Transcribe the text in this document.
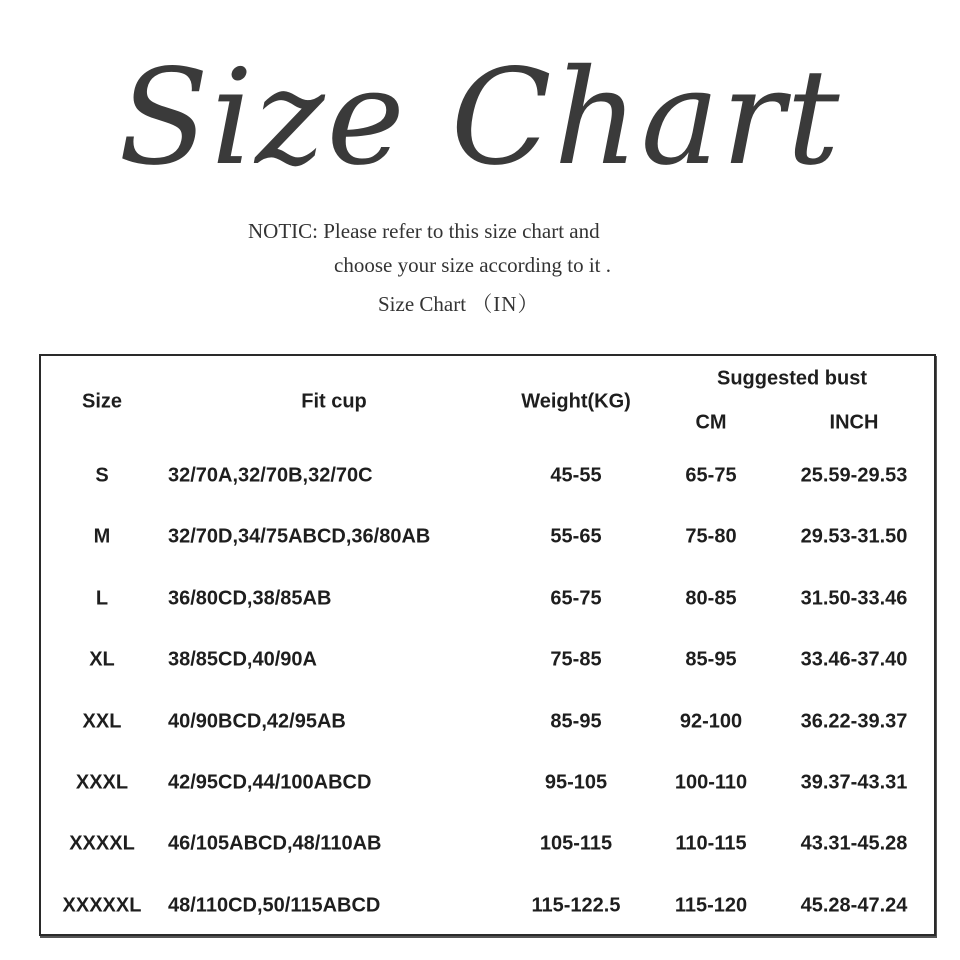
Size Chart
NOTIC: Please refer to this size chart and
choose your size according to it .
Size Chart （IN）
Size	Fit cup	Weight(KG)
Suggested bust
CM	INCH
S	32/70A,32/70B,32/70C	45-55	65-75	25.59-29.53
M	32/70D,34/75ABCD,36/80AB	55-65	75-80	29.53-31.50
L	36/80CD,38/85AB	65-75	80-85	31.50-33.46
XL	38/85CD,40/90A	75-85	85-95	33.46-37.40
XXL 40/90BCD,42/95AB	85-95	92-100	36.22-39.37
XXXL 42/95CD,44/100ABCD	95-105	100-110	39.37-43.31
XXXXL 46/105ABCD,48/110AB	105-115	110-115	43.31-45.28
XXXXXL 48/110CD,50/115ABCD	115-122.5	115-120	45.28-47.24
